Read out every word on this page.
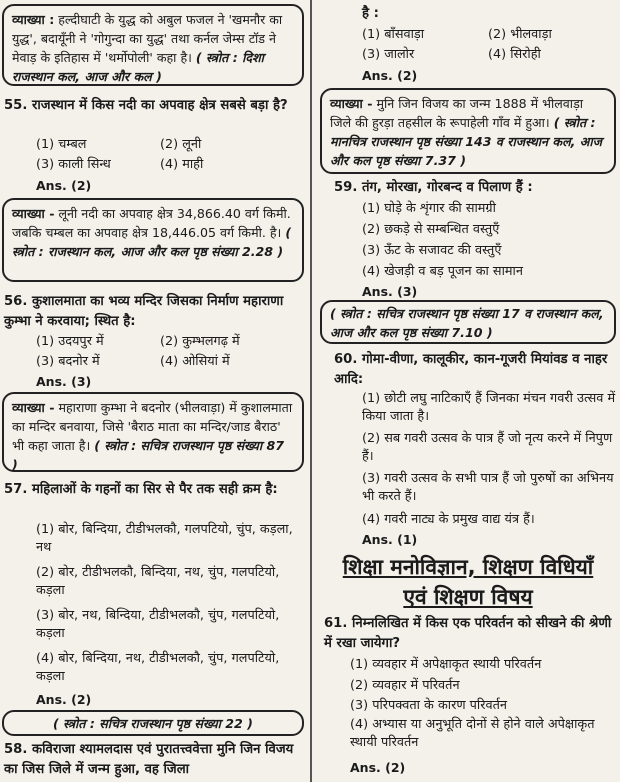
व्याख्या : हल्दीघाटी के युद्ध को अबुल फजल ने 'खमनौर का युद्ध', बदायूँनी ने 'गोगुन्दा का युद्ध' तथा कर्नल जेम्स टॉड ने मेवाड़ के इतिहास में 'थर्मोपोली' कहा है। ( स्त्रोत : दिशा राजस्थान कल, आज और कल )
55. राजस्थान में किस नदी का अपवाह क्षेत्र सबसे बड़ा है?
(1) चम्बल	(2) लूनी
(3) काली सिन्ध	(4) माही
Ans. (2)
व्याख्या - लूनी नदी का अपवाह क्षेत्र 34,866.40 वर्ग किमी. जबकि चम्बल का अपवाह क्षेत्र 18,446.05 वर्ग किमी. है। ( स्त्रोत : राजस्थान कल, आज और कल पृष्ठ संख्या 2.28 )
56. कुशालमाता का भव्य मन्दिर जिसका निर्माण महाराणा कुम्भा ने करवाया; स्थित है:
(1) उदयपुर में	(2) कुम्भलगढ़ में
(3) बदनोर में	(4) ओसियां में
Ans. (3)
व्याख्या - महाराणा कुम्भा ने बदनोर (भीलवाड़ा) में कुशालमाता का मन्दिर बनवाया, जिसे 'बैराठ माता का मन्दिर/जाड बैराठ' भी कहा जाता है। ( स्त्रोत : सचित्र राजस्थान पृष्ठ संख्या 87 )
57. महिलाओं के गहनों का सिर से पैर तक सही क्रम है:
(1) बोर, बिन्दिया, टीडीभलकौ, गलपटियो, चुंप, कड़ला, नथ
(2) बोर, टीडीभलकौ, बिन्दिया, नथ, चुंप, गलपटियो, कड़ला
(3) बोर, नथ, बिन्दिया, टीडीभलकौ, चुंप, गलपटियो, कड़ला
(4) बोर, बिन्दिया, नथ, टीडीभलकौ, चुंप, गलपटियो, कड़ला
Ans. (2)
( स्त्रोत : सचित्र राजस्थान पृष्ठ संख्या 22 )
58. कविराजा श्यामलदास एवं पुरातत्त्ववेत्ता मुनि जिन विजय का जिस जिले में जन्म हुआ, वह जिला
है :
(1) बाँसवाड़ा	(2) भीलवाड़ा
(3) जालोर	(4) सिरोही
Ans. (2)
व्याख्या - मुनि जिन विजय का जन्म 1888 में भीलवाड़ा जिले की हुरड़ा तहसील के रूपाहेली गाँव में हुआ। ( स्त्रोत : मानचित्र राजस्थान पृष्ठ संख्या 143 व राजस्थान कल, आज और कल पृष्ठ संख्या 7.37 )
59. तंग, मोरखा, गोरबन्द व पिलाण हैं :
(1) घोड़े के शृंगार की सामग्री
(2) छकड़े से सम्बन्धित वस्तुएँ
(3) ऊँट के सजावट की वस्तुएँ
(4) खेजड़ी व बड़ पूजन का सामान
Ans. (3)
( स्त्रोत : सचित्र राजस्थान पृष्ठ संख्या 17 व राजस्थान कल, आज और कल पृष्ठ संख्या 7.10 )
60. गोमा-वीणा, कालूकीर, कान-गूजरी मियांवड व नाहर आदि:
(1) छोटी लघु नाटिकाएँ हैं जिनका मंचन गवरी उत्सव में किया जाता है।
(2) सब गवरी उत्सव के पात्र हैं जो नृत्य करने में निपुण हैं।
(3) गवरी उत्सव के सभी पात्र हैं जो पुरुषों का अभिनय भी करते हैं।
(4) गवरी नाट्य के प्रमुख वाद्य यंत्र हैं।
Ans. (1)
शिक्षा मनोविज्ञान, शिक्षण विधियाँ
एवं शिक्षण विषय
61. निम्नलिखित में किस एक परिवर्तन को सीखने की श्रेणी में रखा जायेगा?
(1) व्यवहार में अपेक्षाकृत स्थायी परिवर्तन
(2) व्यवहार में परिवर्तन
(3) परिपक्वता के कारण परिवर्तन
(4) अभ्यास या अनुभूति दोनों से होने वाले अपेक्षाकृत स्थायी परिवर्तन
Ans. (2)
